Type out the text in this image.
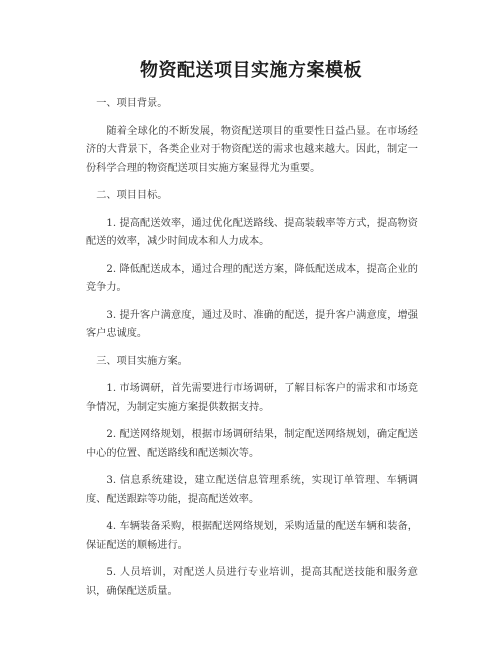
物资配送项目实施方案模板
一、项目背景。
随着全球化的不断发展，物资配送项目的重要性日益凸显。在市场经济的大背景下，各类企业对于物资配送的需求也越来越大。因此，制定一份科学合理的物资配送项目实施方案显得尤为重要。
二、项目目标。
1. 提高配送效率，通过优化配送路线、提高装载率等方式，提高物资配送的效率，减少时间成本和人力成本。
2. 降低配送成本，通过合理的配送方案，降低配送成本，提高企业的竞争力。
3. 提升客户满意度，通过及时、准确的配送，提升客户满意度，增强客户忠诚度。
三、项目实施方案。
1. 市场调研，首先需要进行市场调研，了解目标客户的需求和市场竞争情况，为制定实施方案提供数据支持。
2. 配送网络规划，根据市场调研结果，制定配送网络规划，确定配送中心的位置、配送路线和配送频次等。
3. 信息系统建设，建立配送信息管理系统，实现订单管理、车辆调度、配送跟踪等功能，提高配送效率。
4. 车辆装备采购，根据配送网络规划，采购适量的配送车辆和装备，保证配送的顺畅进行。
5. 人员培训，对配送人员进行专业培训，提高其配送技能和服务意识，确保配送质量。
